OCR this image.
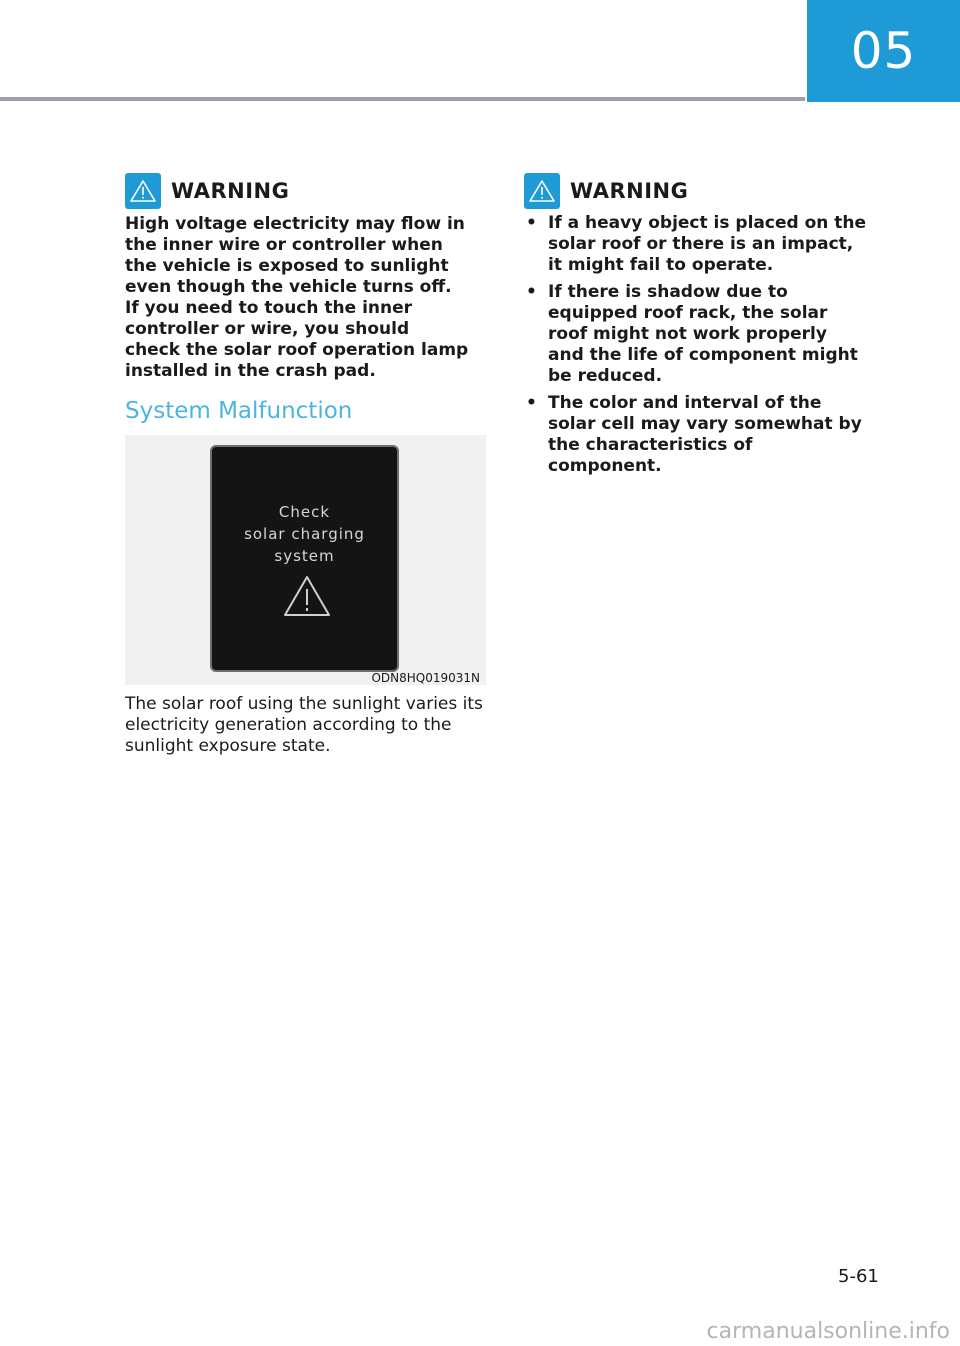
05
WARNING
High voltage electricity may flow in the inner wire or controller when the vehicle is exposed to sunlight even though the vehicle turns off. If you need to touch the inner controller or wire, you should check the solar roof operation lamp installed in the crash pad.
System Malfunction
Check
solar charging
system
ODN8HQ019031N
The solar roof using the sunlight varies its electricity generation according to the sunlight exposure state.
WARNING
• If a heavy object is placed on the solar roof or there is an impact, it might fail to operate.
• If there is shadow due to equipped roof rack, the solar roof might not work properly and the life of component might be reduced.
• The color and interval of the solar cell may vary somewhat by the characteristics of component.
5-61
carmanualsonline.info
